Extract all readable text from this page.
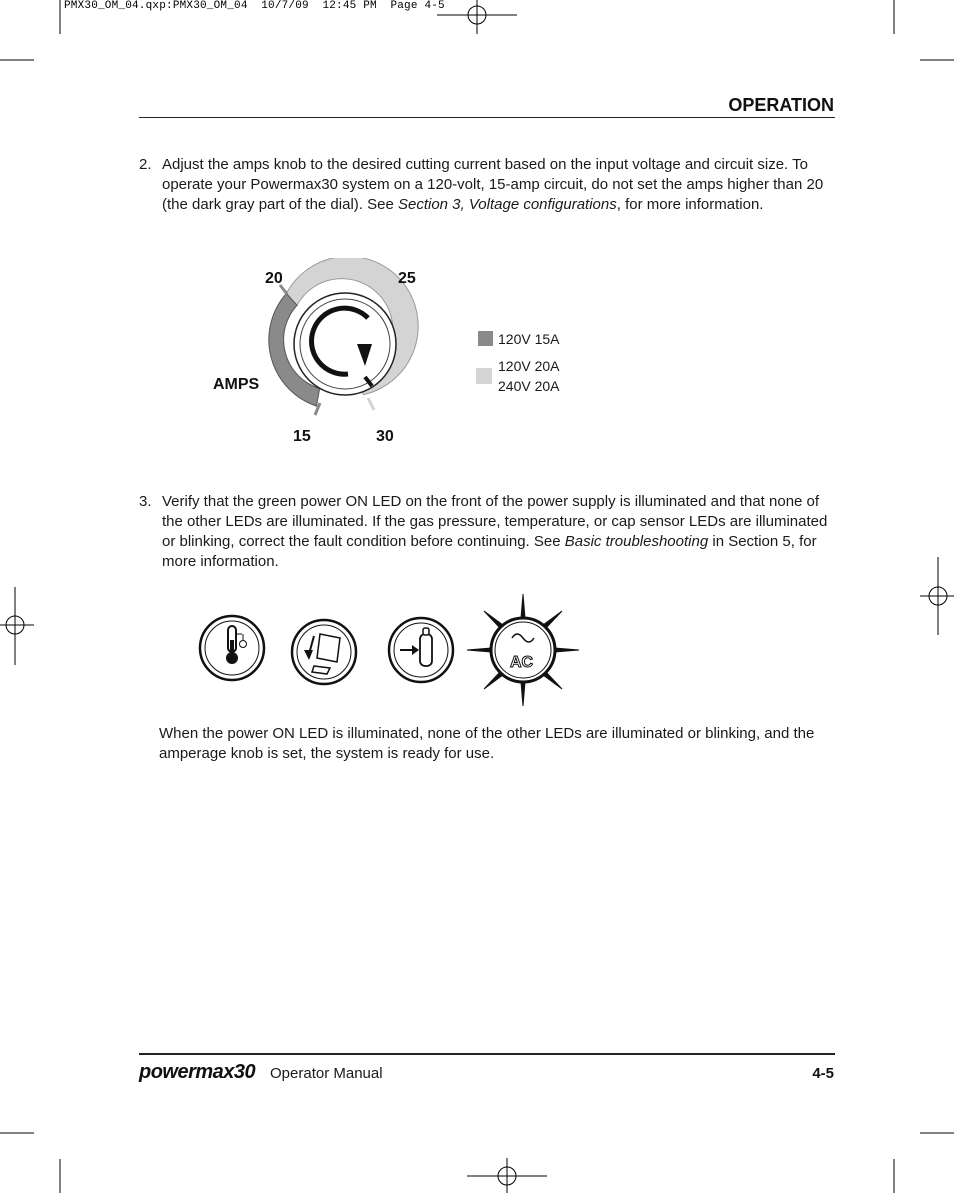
PMX30_OM_04.qxp:PMX30_OM_04  10/7/09  12:45 PM  Page 4-5
OPERATION
2. Adjust the amps knob to the desired cutting current based on the input voltage and circuit size. To operate your Powermax30 system on a 120-volt, 15-amp circuit, do not set the amps higher than 20 (the dark gray part of the dial). See Section 3, Voltage configurations, for more information.
20	25
15	30
AMPS
120V 15A
120V 20A
240V 20A
3. Verify that the green power ON LED on the front of the power supply is illuminated and that none of the other LEDs are illuminated. If the gas pressure, temperature, or cap sensor LEDs are illuminated or blinking, correct the fault condition before continuing. See Basic troubleshooting in Section 5, for more information.
AC
When the power ON LED is illuminated, none of the other LEDs are illuminated or blinking, and the amperage knob is set, the system is ready for use.
powermax30 Operator Manual	4-5
